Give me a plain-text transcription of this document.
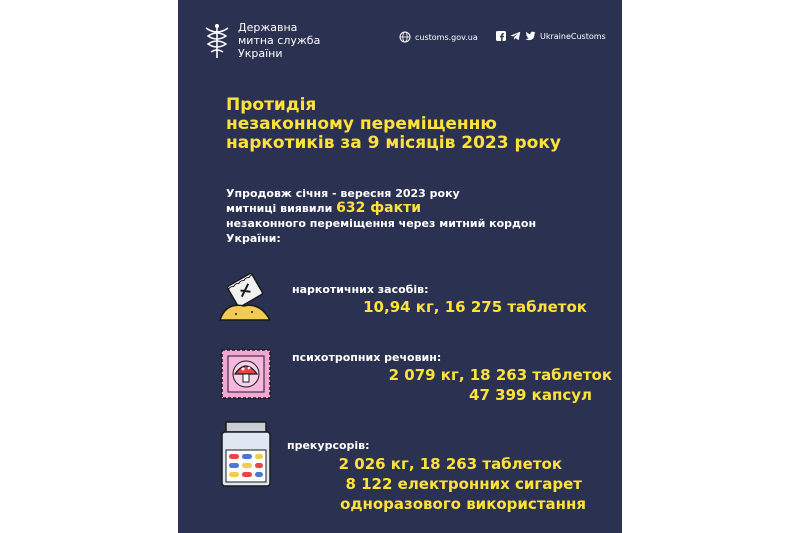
Державна
митна служба
України
customs.gov.ua	UkraineCustoms
Протидія
незаконному переміщенню
наркотиків за 9 місяців 2023 року
Упродовж січня - вересня 2023 року
митниці виявили 632 факти
незаконного переміщення через митний кордон
України:
наркотичних засобів:
10,94 кг, 16 275 таблеток
психотропних речовин:
2 079 кг, 18 263 таблеток
47 399 капсул
прекурсорів:
2 026 кг, 18 263 таблеток
8 122 електронних сигарет
одноразового використання
